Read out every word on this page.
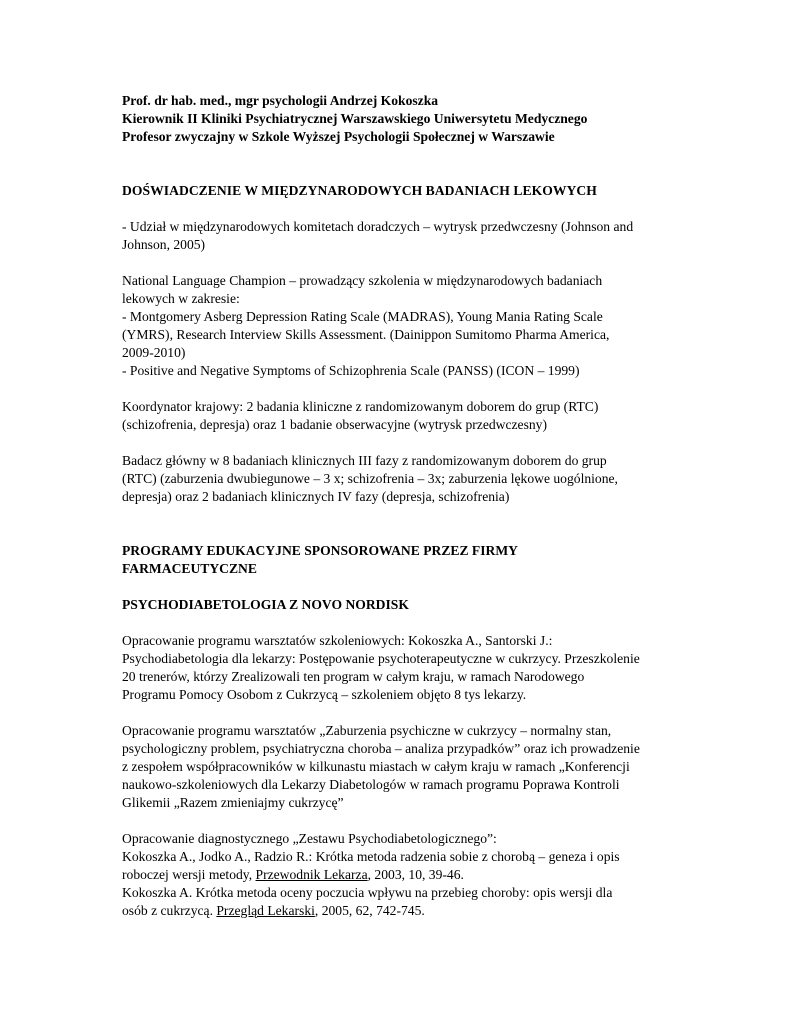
Prof. dr hab. med., mgr psychologii Andrzej Kokoszka
Kierownik II Kliniki Psychiatrycznej Warszawskiego Uniwersytetu Medycznego
Profesor zwyczajny w Szkole Wyższej Psychologii Społecznej w Warszawie
DOŚWIADCZENIE W MIĘDZYNARODOWYCH BADANIACH LEKOWYCH
- Udział w międzynarodowych komitetach doradczych – wytrysk przedwczesny (Johnson and
Johnson, 2005)
National Language Champion – prowadzący szkolenia w międzynarodowych badaniach
lekowych w zakresie:
- Montgomery Asberg Depression Rating Scale (MADRAS), Young Mania Rating Scale
(YMRS), Research Interview Skills Assessment. (Dainippon Sumitomo Pharma America,
2009-2010)
- Positive and Negative Symptoms of Schizophrenia Scale (PANSS) (ICON – 1999)
Koordynator krajowy: 2 badania kliniczne z randomizowanym doborem do grup (RTC)
(schizofrenia, depresja) oraz 1 badanie obserwacyjne (wytrysk przedwczesny)
Badacz główny w 8 badaniach klinicznych III fazy z randomizowanym doborem do grup
(RTC) (zaburzenia dwubiegunowe – 3 x; schizofrenia – 3x; zaburzenia lękowe uogólnione,
depresja) oraz 2 badaniach klinicznych IV fazy (depresja, schizofrenia)
PROGRAMY EDUKACYJNE SPONSOROWANE PRZEZ FIRMY
FARMACEUTYCZNE
PSYCHODIABETOLOGIA Z NOVO NORDISK
Opracowanie programu warsztatów szkoleniowych: Kokoszka A., Santorski J.:
Psychodiabetologia dla lekarzy: Postępowanie psychoterapeutyczne w cukrzycy. Przeszkolenie
20 trenerów, którzy Zrealizowali ten program w całym kraju, w ramach Narodowego
Programu Pomocy Osobom z Cukrzycą – szkoleniem objęto 8 tys lekarzy.
Opracowanie programu warsztatów „Zaburzenia psychiczne w cukrzycy – normalny stan,
psychologiczny problem, psychiatryczna choroba – analiza przypadków” oraz ich prowadzenie
z zespołem współpracowników w kilkunastu miastach w całym kraju w ramach „Konferencji
naukowo-szkoleniowych dla Lekarzy Diabetologów w ramach programu Poprawa Kontroli
Glikemii „Razem zmieniajmy cukrzycę”
Opracowanie diagnostycznego „Zestawu Psychodiabetologicznego”:
Kokoszka A., Jodko A., Radzio R.: Krótka metoda radzenia sobie z chorobą – geneza i opis
roboczej wersji metody, Przewodnik Lekarza, 2003, 10, 39-46.
Kokoszka A. Krótka metoda oceny poczucia wpływu na przebieg choroby: opis wersji dla
osób z cukrzycą. Przegląd Lekarski, 2005, 62, 742-745.
